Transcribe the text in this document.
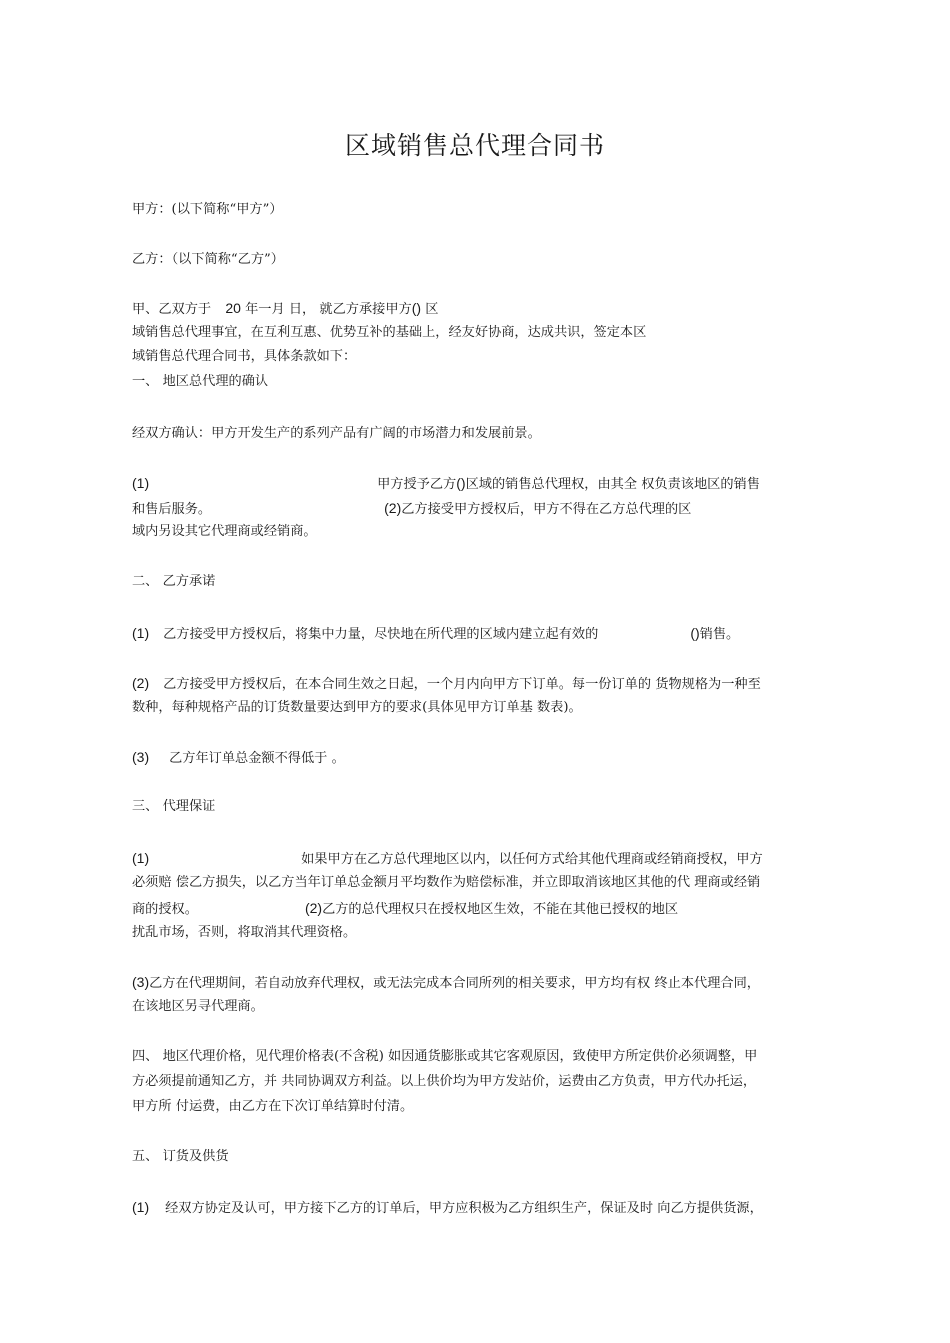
区域销售总代理合同书
甲方：(以下简称“甲方”）
乙方：（以下简称“乙方”）
甲、乙双方于 20 年一月 日， 就乙方承接甲方() 区
域销售总代理事宜，在互利互惠、优势互补的基础上，经友好协商，达成共识，签定本区
域销售总代理合同书，具体条款如下：
一、 地区总代理的确认
经双方确认：甲方开发生产的系列产品有广阔的市场潜力和发展前景。
(1)	甲方授予乙方()区域的销售总代理权，由其全 权负责该地区的销售
和售后服务。	(2)乙方接受甲方授权后，甲方不得在乙方总代理的区
域内另设其它代理商或经销商。
二、 乙方承诺
(1) 乙方接受甲方授权后，将集中力量，尽快地在所代理的区域内建立起有效的	()销售。
(2) 乙方接受甲方授权后，在本合同生效之日起，一个月内向甲方下订单。每一份订单的 货物规格为一种至
数种，每种规格产品的订货数量要达到甲方的要求(具体见甲方订单基 数表)。
(3) 乙方年订单总金额不得低于 。
三、 代理保证
(1)	如果甲方在乙方总代理地区以内，以任何方式给其他代理商或经销商授权，甲方
必须赔 偿乙方损失，以乙方当年订单总金额月平均数作为赔偿标准，并立即取消该地区其他的代 理商或经销
商的授权。	(2)乙方的总代理权只在授权地区生效，不能在其他已授权的地区
扰乱市场，否则，将取消其代理资格。
(3)乙方在代理期间，若自动放弃代理权，或无法完成本合同所列的相关要求，甲方均有权 终止本代理合同，
在该地区另寻代理商。
四、 地区代理价格，见代理价格表(不含税) 如因通货膨胀或其它客观原因，致使甲方所定供价必须调整，甲
方必须提前通知乙方，并 共同协调双方利益。以上供价均为甲方发站价，运费由乙方负责，甲方代办托运，
甲方所 付运费，由乙方在下次订单结算时付清。
五、 订货及供货
(1) 经双方协定及认可，甲方接下乙方的订单后，甲方应积极为乙方组织生产，保证及时 向乙方提供货源，
